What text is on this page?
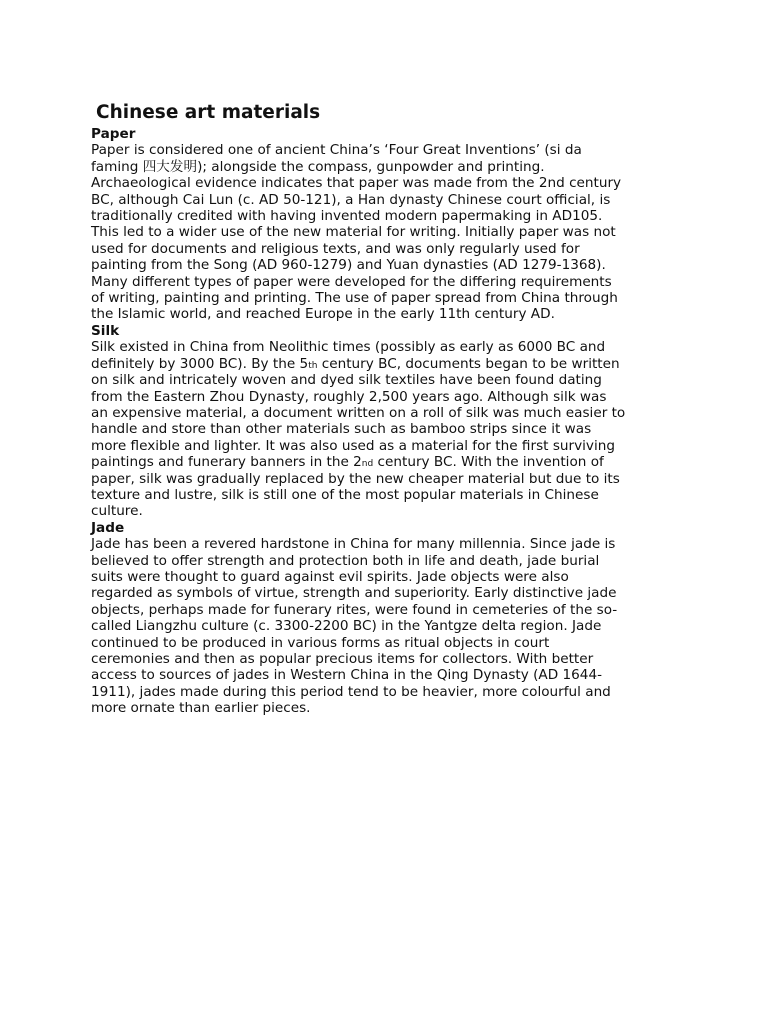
Chinese art materials
Paper

Paper is considered one of ancient China’s ‘Four Great Inventions’ (si da
faming 四大发明); alongside the compass, gunpowder and printing.
Archaeological evidence indicates that paper was made from the 2nd century
BC, although Cai Lun (c. AD 50-121), a Han dynasty Chinese court official, is
traditionally credited with having invented modern papermaking in AD105.
This led to a wider use of the new material for writing. Initially paper was not
used for documents and religious texts, and was only regularly used for
painting from the Song (AD 960-1279) and Yuan dynasties (AD 1279-1368).
Many different types of paper were developed for the differing requirements
of writing, painting and printing. The use of paper spread from China through
the Islamic world, and reached Europe in the early 11th century AD.

Silk

Silk existed in China from Neolithic times (possibly as early as 6000 BC and
definitely by 3000 BC). By the 5th century BC, documents began to be written
on silk and intricately woven and dyed silk textiles have been found dating
from the Eastern Zhou Dynasty, roughly 2,500 years ago. Although silk was
an expensive material, a document written on a roll of silk was much easier to
handle and store than other materials such as bamboo strips since it was
more flexible and lighter. It was also used as a material for the first surviving
paintings and funerary banners in the 2nd century BC. With the invention of
paper, silk was gradually replaced by the new cheaper material but due to its
texture and lustre, silk is still one of the most popular materials in Chinese
culture.

Jade

Jade has been a revered hardstone in China for many millennia. Since jade is
believed to offer strength and protection both in life and death, jade burial
suits were thought to guard against evil spirits. Jade objects were also
regarded as symbols of virtue, strength and superiority. Early distinctive jade
objects, perhaps made for funerary rites, were found in cemeteries of the so-
called Liangzhu culture (c. 3300-2200 BC) in the Yantgze delta region. Jade
continued to be produced in various forms as ritual objects in court
ceremonies and then as popular precious items for collectors. With better
access to sources of jades in Western China in the Qing Dynasty (AD 1644-
1911), jades made during this period tend to be heavier, more colourful and
more ornate than earlier pieces.
